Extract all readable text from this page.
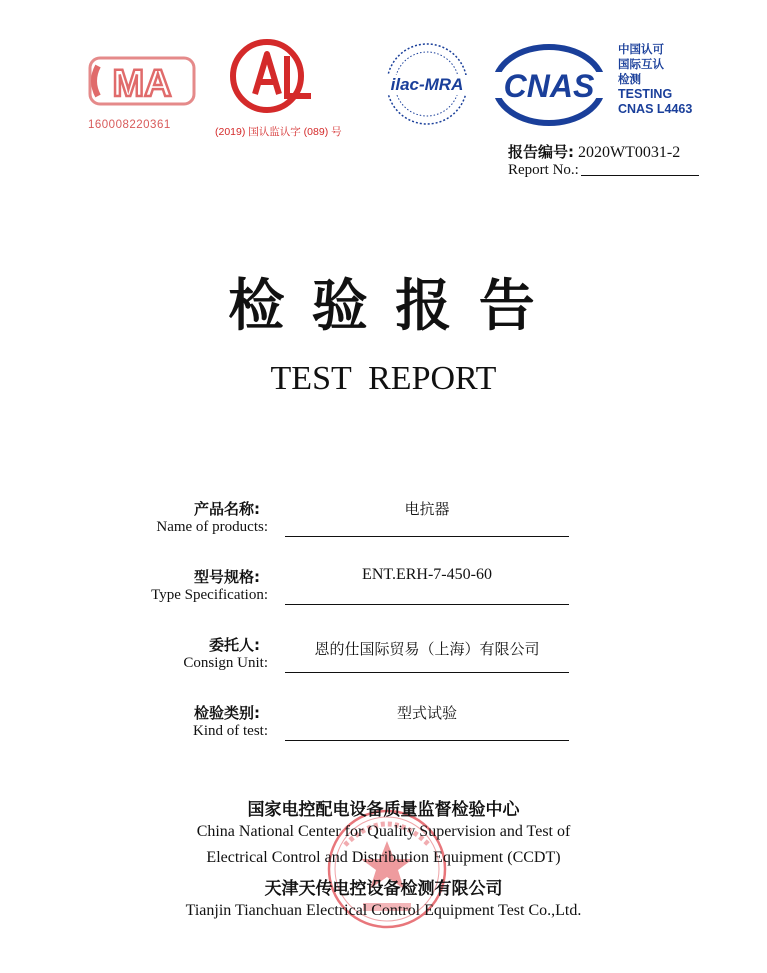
MA
160008220361
(2019) 国认监认字 (089) 号
ilac-MRA	CNAS
中国认可
国际互认
检测
TESTING
CNAS L4463
报告编号: 2020WT0031-2
Report No.:
检 验 报 告
TEST  REPORT
产品名称:
Name of products:
电抗器
型号规格:
Type Specification:
ENT.ERH-7-450-60
委托人:
Consign Unit:
恩的仕国际贸易（上海）有限公司
检验类别:
Kind of test:
型式试验
国家电控配电设备质量监督检验中心
China National Center for Quality Supervision and Test of
Electrical Control and Distribution Equipment (CCDT)
天津天传电控设备检测有限公司
Tianjin Tianchuan Electrical Control Equipment Test Co.,Ltd.
